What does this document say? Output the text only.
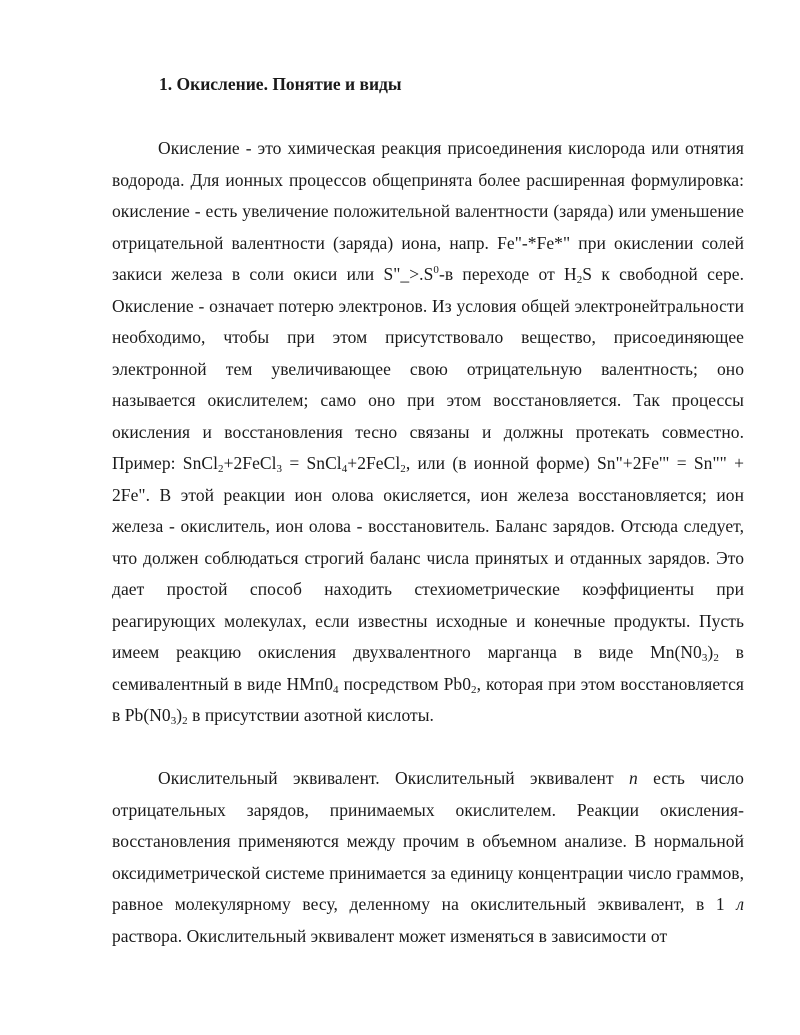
1. Окисление. Понятие и виды

Окисление - это химическая реакция присоединения кислорода или отнятия водорода. Для ионных процессов общепринята более расширенная формулировка: окисление - есть увеличение положительной валентности (заряда) или уменьшение отрицательной валентности (заряда) иона, напр. Fe"-*Fe*" при окислении солей закиси железа в соли окиси или $S"\_>.S^0-в$ переходе от $H_2S$ к свободной сере. Окисление - означает потерю электронов. Из условия общей электронейтральности необходимо, чтобы при этом присутствовало вещество, присоединяющее электронной тем увеличивающее свою отрицательную валентность; оно называется окислителем; само оно при этом восстановляется. Так процессы окисления и восстановления тесно связаны и должны протекать совместно. Пример: SnCl$_2$+2FeCl$_3$ = SnCl$_4$+2FeCl$_2$, или (в ионной форме) Sn"+2Fe'" = Sn"" + 2Fe". В этой реакции ион олова окисляется, ион железа восстановляется; ион железа - окислитель, ион олова - восстановитель. Баланс зарядов. Отсюда следует, что должен соблюдаться строгий баланс числа принятых и отданных зарядов. Это дает простой способ находить стехиометрические коэффициенты при реагирующих молекулах, если известны исходные и конечные продукты. Пусть имеем реакцию окисления двухвалентного марганца в виде $Mn(N0_3)_2$ в семивалентный в виде $HMп0_4$ посредством $Pb0_2$, которая при этом восстановляется в $Pb(N0_3)_2$ в присутствии азотной кислоты.

Окислительный эквивалент. Окислительный эквивалент n есть число отрицательных зарядов, принимаемых окислителем. Реакции окисления-восстановления применяются между прочим в объемном анализе. В нормальной оксидиметрической системе принимается за единицу концентрации число граммов, равное молекулярному весу, деленному на окислительный эквивалент, в 1 л раствора. Окислительный эквивалент может изменяться в зависимости от
